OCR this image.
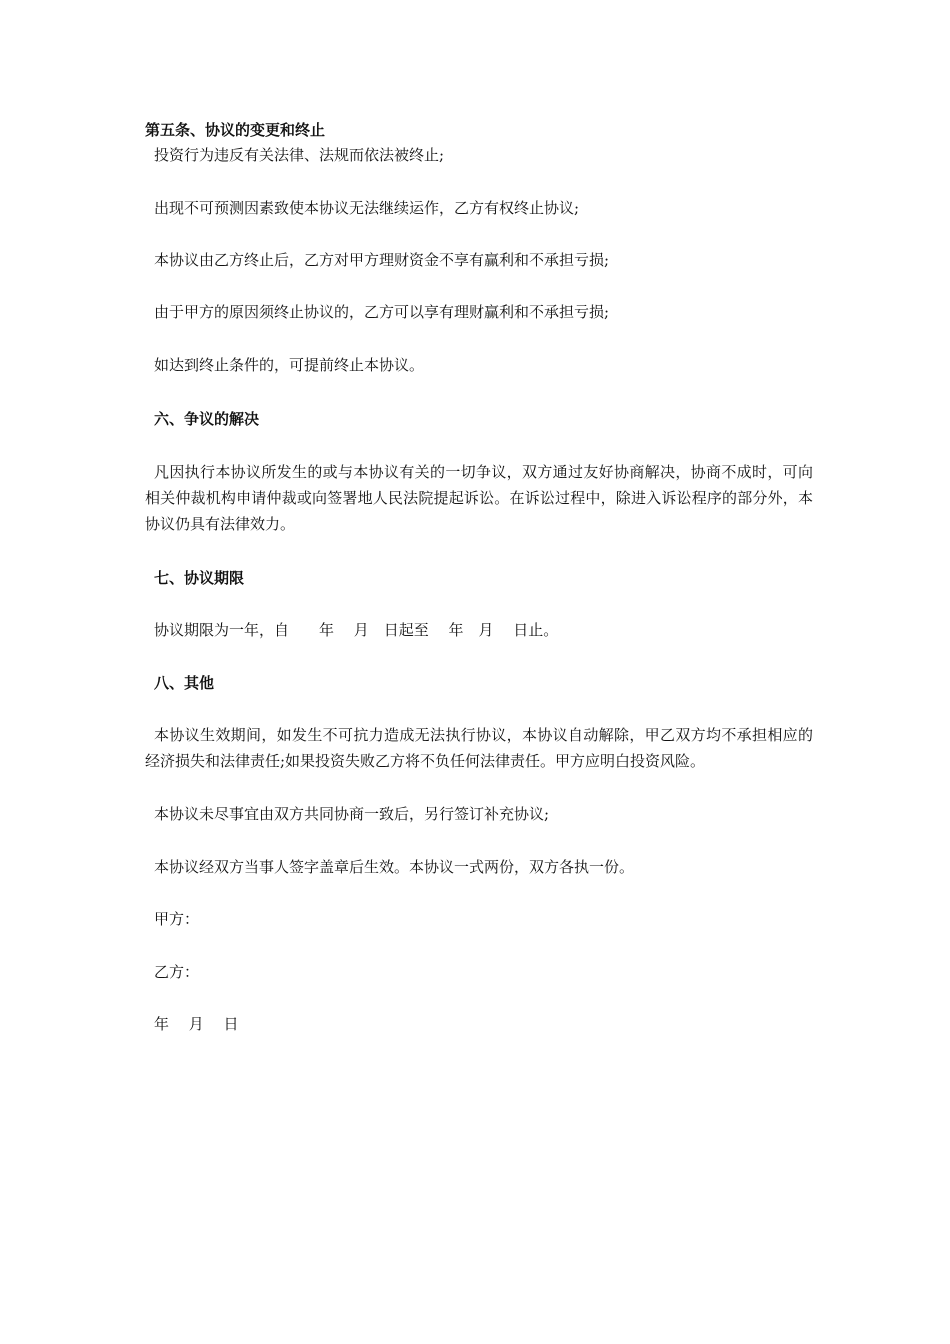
第五条、协议的变更和终止

投资行为违反有关法律、法规而依法被终止;

出现不可预测因素致使本协议无法继续运作，乙方有权终止协议;

本协议由乙方终止后，乙方对甲方理财资金不享有赢利和不承担亏损;

由于甲方的原因须终止协议的，乙方可以享有理财赢利和不承担亏损;

如达到终止条件的，可提前终止本协议。

六、争议的解决

凡因执行本协议所发生的或与本协议有关的一切争议，双方通过友好协商解决，协商不成时，可向相关仲裁机构申请仲裁或向签署地人民法院提起诉讼。在诉讼过程中，除进入诉讼程序的部分外，本协议仍具有法律效力。

七、协议期限

协议期限为一年，自　　年　 月　日起至　 年　月　 日止。

八、其他

本协议生效期间，如发生不可抗力造成无法执行协议，本协议自动解除，甲乙双方均不承担相应的经济损失和法律责任;如果投资失败乙方将不负任何法律责任。甲方应明白投资风险。

本协议未尽事宜由双方共同协商一致后，另行签订补充协议;

本协议经双方当事人签字盖章后生效。本协议一式两份，双方各执一份。

甲方：

乙方：

年　 月　 日
